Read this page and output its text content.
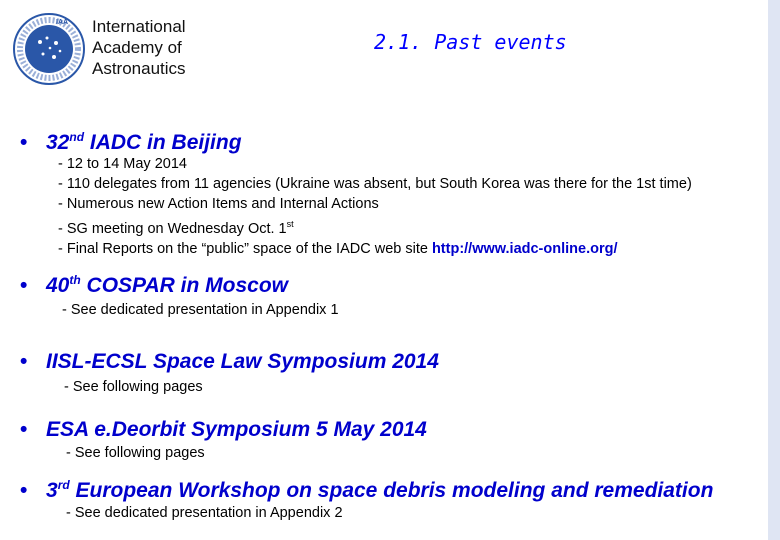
IAA International
Academy of
Astronautics
2.1. Past events
• 32nd IADC in Beijing
- 12 to 14 May 2014
- 110 delegates from 11 agencies (Ukraine was absent, but South Korea was there for the 1st time)
- Numerous new Action Items and Internal Actions
- SG meeting on Wednesday Oct. 1st
- Final Reports on the “public” space of the IADC web site http://www.iadc-online.org/
• 40th COSPAR in Moscow
- See dedicated presentation in Appendix 1
• IISL-ECSL Space Law Symposium 2014
- See following pages
• ESA e.Deorbit Symposium 5 May 2014
- See following pages
• 3rd European Workshop on space debris modeling and remediation
- See dedicated presentation in Appendix 2
